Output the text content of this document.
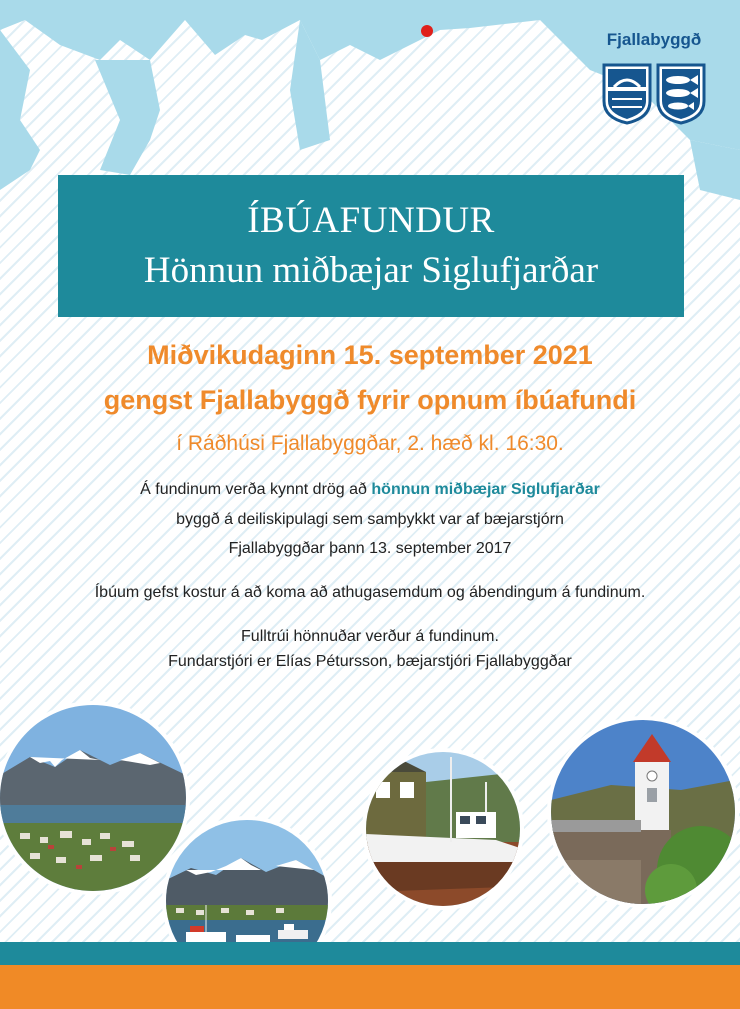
Fjallabyggð
ÍBÚAFUNDUR
Hönnun miðbæjar Siglufjarðar
Miðvikudaginn 15. september 2021
gengst Fjallabyggð fyrir opnum íbúafundi
í Ráðhúsi Fjallabyggðar, 2. hæð kl. 16:30.
Á fundinum verða kynnt drög að hönnun miðbæjar Siglufjarðar
byggð á deiliskipulagi sem samþykkt var af bæjarstjórn
Fjallabyggðar þann 13. september 2017
Íbúum gefst kostur á að koma að athugasemdum og ábendingum á fundinum.
Fulltrúi hönnuðar verður á fundinum.
Fundarstjóri er Elías Pétursson, bæjarstjóri Fjallabyggðar
